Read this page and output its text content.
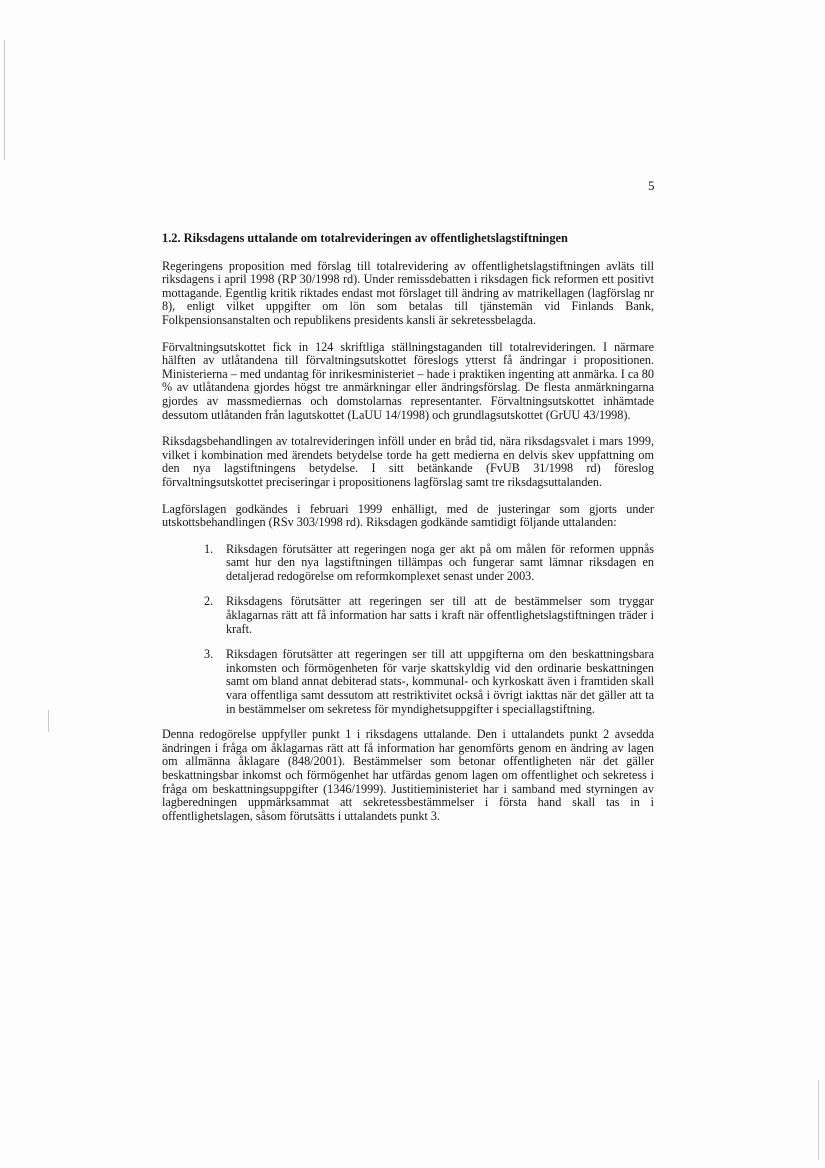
5
1.2. Riksdagens uttalande om totalrevideringen av offentlighetslagstiftningen

Regeringens proposition med förslag till totalrevidering av offentlighetslagstiftningen avläts till riksdagens i april 1998 (RP 30/1998 rd). Under remissdebatten i riksdagen fick reformen ett positivt mottagande. Egentlig kritik riktades endast mot förslaget till ändring av matrikellagen (lagförslag nr 8), enligt vilket uppgifter om lön som betalas till tjänstemän vid Finlands Bank, Folkpensionsanstalten och republikens presidents kansli är sekretessbelagda.

Förvaltningsutskottet fick in 124 skriftliga ställningstaganden till totalrevideringen. I närmare hälften av utlåtandena till förvaltningsutskottet föreslogs ytterst få ändringar i propositionen. Ministerierna – med undantag för inrikesministeriet – hade i praktiken ingenting att anmärka. I ca 80 % av utlåtandena gjordes högst tre anmärkningar eller ändringsförslag. De flesta anmärkningarna gjordes av massmediernas och domstolarnas representanter. Förvaltningsutskottet inhämtade dessutom utlåtanden från lagutskottet (LaUU 14/1998) och grundlagsutskottet (GrUU 43/1998).

Riksdagsbehandlingen av totalrevideringen inföll under en bråd tid, nära riksdagsvalet i mars 1999, vilket i kombination med ärendets betydelse torde ha gett medierna en delvis skev uppfattning om den nya lagstiftningens betydelse. I sitt betänkande (FvUB 31/1998 rd) föreslog förvaltningsutskottet preciseringar i propositionens lagförslag samt tre riksdagsuttalanden.

Lagförslagen godkändes i februari 1999 enhälligt, med de justeringar som gjorts under utskottsbehandlingen (RSv 303/1998 rd). Riksdagen godkände samtidigt följande uttalanden:

1. Riksdagen förutsätter att regeringen noga ger akt på om målen för reformen uppnås samt hur den nya lagstiftningen tillämpas och fungerar samt lämnar riksdagen en detaljerad redogörelse om reformkomplexet senast under 2003.
2. Riksdagens förutsätter att regeringen ser till att de bestämmelser som tryggar åklagarnas rätt att få information har satts i kraft när offentlighetslagstiftningen träder i kraft.
3. Riksdagen förutsätter att regeringen ser till att uppgifterna om den beskattningsbara inkomsten och förmögenheten för varje skattskyldig vid den ordinarie beskattningen samt om bland annat debiterad stats-, kommunal- och kyrkoskatt även i framtiden skall vara offentliga samt dessutom att restriktivitet också i övrigt iakttas när det gäller att ta in bestämmelser om sekretess för myndighetsuppgifter i speciallagstiftning.

Denna redogörelse uppfyller punkt 1 i riksdagens uttalande. Den i uttalandets punkt 2 avsedda ändringen i fråga om åklagarnas rätt att få information har genomförts genom en ändring av lagen om allmänna åklagare (848/2001). Bestämmelser som betonar offentligheten när det gäller beskattningsbar inkomst och förmögenhet har utfärdas genom lagen om offentlighet och sekretess i fråga om beskattningsuppgifter (1346/1999). Justitieministeriet har i samband med styrningen av lagberedningen uppmärksammat att sekretessbestämmelser i första hand skall tas in i offentlighetslagen, såsom förutsätts i uttalandets punkt 3.
